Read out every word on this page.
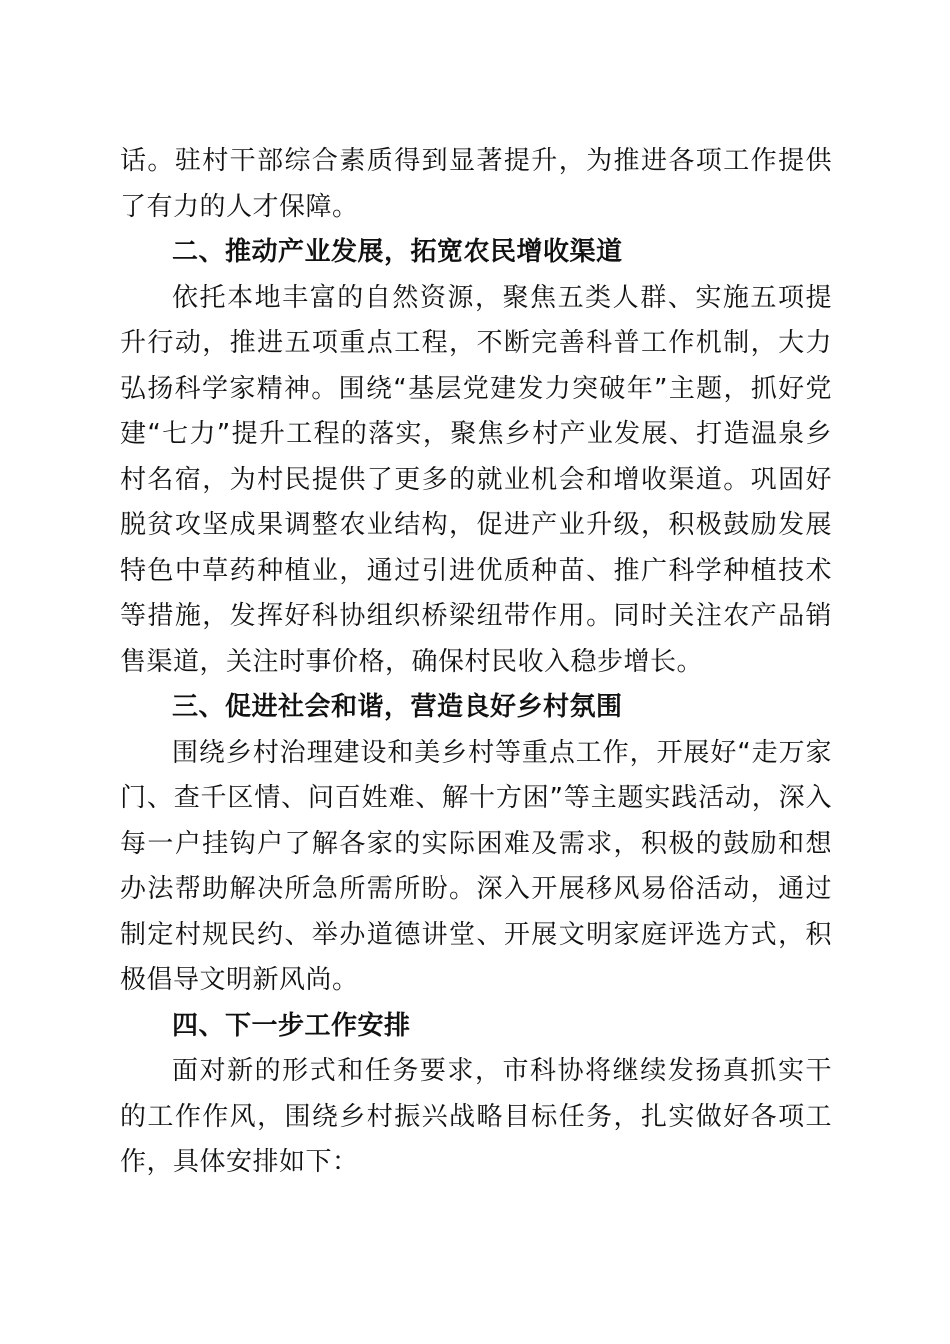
话。驻村干部综合素质得到显著提升，为推进各项工作提供了有力的人才保障。

二、推动产业发展，拓宽农民增收渠道

依托本地丰富的自然资源，聚焦五类人群、实施五项提升行动，推进五项重点工程，不断完善科普工作机制，大力弘扬科学家精神。围绕“基层党建发力突破年”主题，抓好党建“七力”提升工程的落实，聚焦乡村产业发展、打造温泉乡村名宿，为村民提供了更多的就业机会和增收渠道。巩固好脱贫攻坚成果调整农业结构，促进产业升级，积极鼓励发展特色中草药种植业，通过引进优质种苗、推广科学种植技术等措施，发挥好科协组织桥梁纽带作用。同时关注农产品销售渠道，关注时事价格，确保村民收入稳步增长。

三、促进社会和谐，营造良好乡村氛围

围绕乡村治理建设和美乡村等重点工作，开展好“走万家门、查千区情、问百姓难、解十方困”等主题实践活动，深入每一户挂钩户了解各家的实际困难及需求，积极的鼓励和想办法帮助解决所急所需所盼。深入开展移风易俗活动，通过制定村规民约、举办道德讲堂、开展文明家庭评选方式，积极倡导文明新风尚。

四、下一步工作安排

面对新的形式和任务要求，市科协将继续发扬真抓实干的工作作风，围绕乡村振兴战略目标任务，扎实做好各项工作，具体安排如下：
